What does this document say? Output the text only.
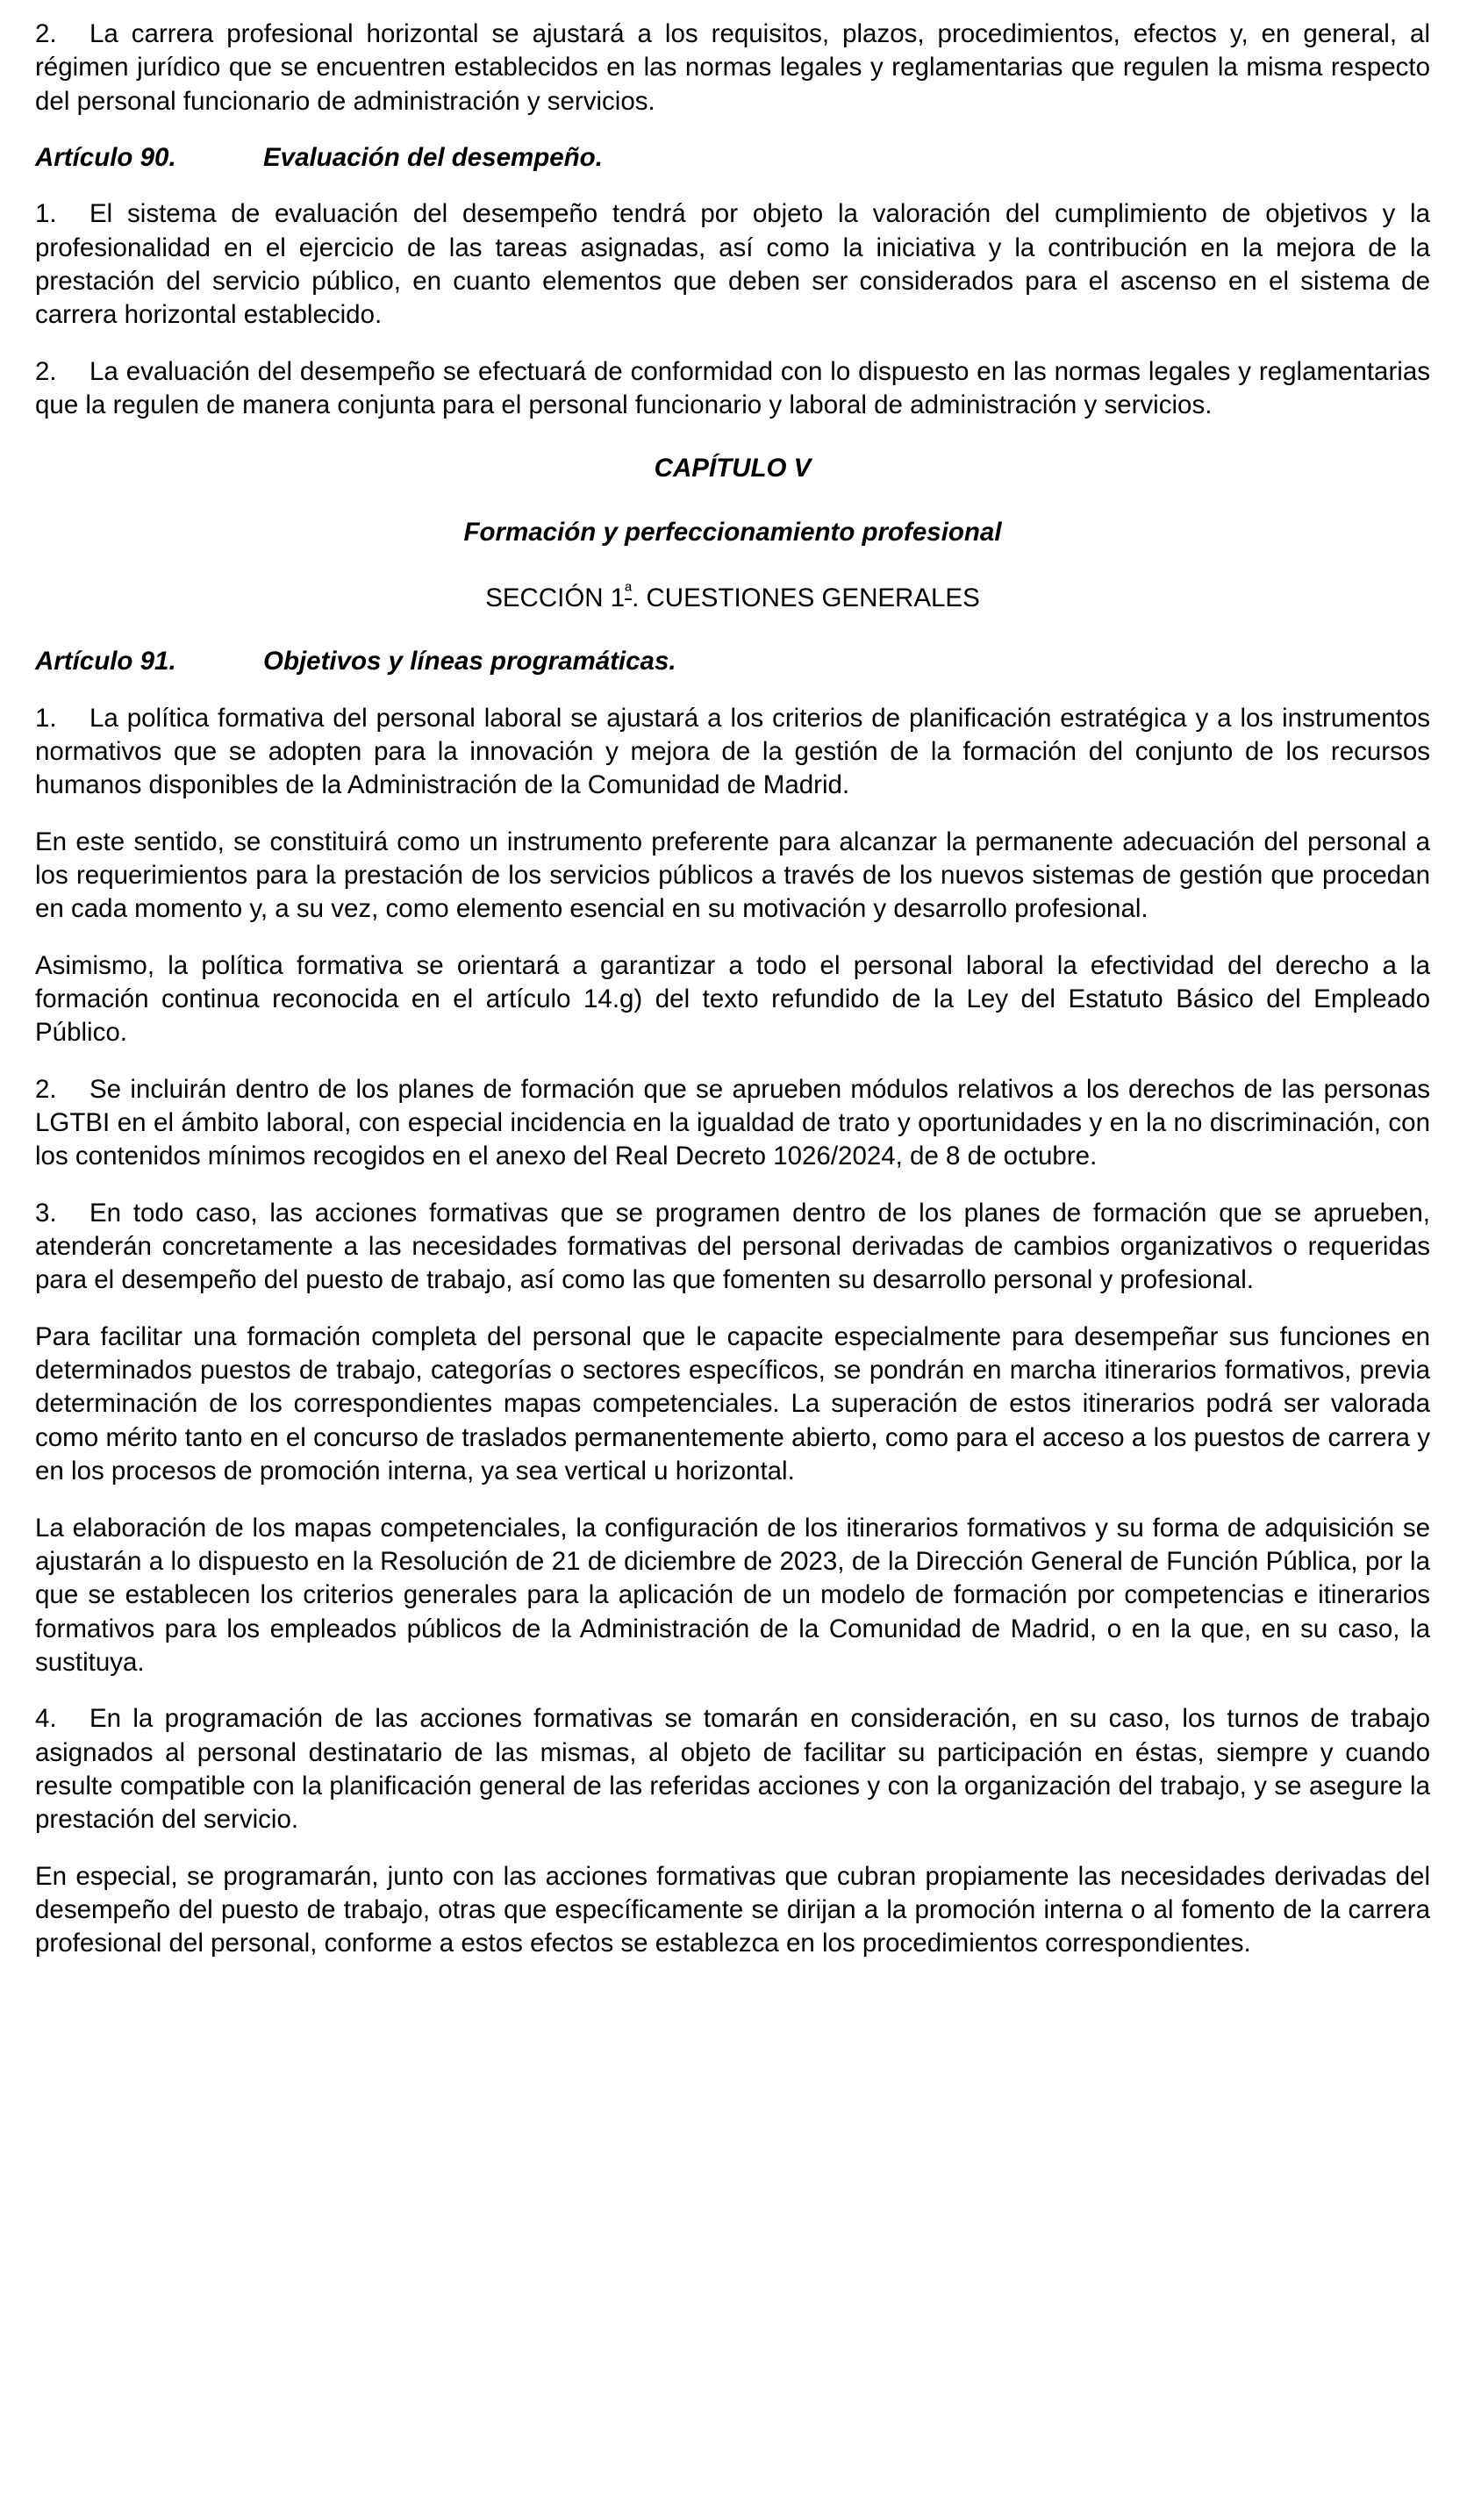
2. La carrera profesional horizontal se ajustará a los requisitos, plazos, procedimientos, efectos y, en general, al régimen jurídico que se encuentren establecidos en las normas legales y reglamentarias que regulen la misma respecto del personal funcionario de administración y servicios.

Artículo 90.	Evaluación del desempeño.

1. El sistema de evaluación del desempeño tendrá por objeto la valoración del cumplimiento de objetivos y la profesionalidad en el ejercicio de las tareas asignadas, así como la iniciativa y la contribución en la mejora de la prestación del servicio público, en cuanto elementos que deben ser considerados para el ascenso en el sistema de carrera horizontal establecido.

2. La evaluación del desempeño se efectuará de conformidad con lo dispuesto en las normas legales y reglamentarias que la regulen de manera conjunta para el personal funcionario y laboral de administración y servicios.

CAPÍTULO V
Formación y perfeccionamiento profesional
SECCIÓN $1^ª$. CUESTIONES GENERALES
Artículo 91.	Objetivos y líneas programáticas.

1. La política formativa del personal laboral se ajustará a los criterios de planificación estratégica y a los instrumentos normativos que se adopten para la innovación y mejora de la gestión de la formación del conjunto de los recursos humanos disponibles de la Administración de la Comunidad de Madrid.

En este sentido, se constituirá como un instrumento preferente para alcanzar la permanente adecuación del personal a los requerimientos para la prestación de los servicios públicos a través de los nuevos sistemas de gestión que procedan en cada momento y, a su vez, como elemento esencial en su motivación y desarrollo profesional.

Asimismo, la política formativa se orientará a garantizar a todo el personal laboral la efectividad del derecho a la formación continua reconocida en el artículo 14.g) del texto refundido de la Ley del Estatuto Básico del Empleado Público.

2. Se incluirán dentro de los planes de formación que se aprueben módulos relativos a los derechos de las personas LGTBI en el ámbito laboral, con especial incidencia en la igualdad de trato y oportunidades y en la no discriminación, con los contenidos mínimos recogidos en el anexo del Real Decreto 1026/2024, de 8 de octubre.

3. En todo caso, las acciones formativas que se programen dentro de los planes de formación que se aprueben, atenderán concretamente a las necesidades formativas del personal derivadas de cambios organizativos o requeridas para el desempeño del puesto de trabajo, así como las que fomenten su desarrollo personal y profesional.

Para facilitar una formación completa del personal que le capacite especialmente para desempeñar sus funciones en determinados puestos de trabajo, categorías o sectores específicos, se pondrán en marcha itinerarios formativos, previa determinación de los correspondientes mapas competenciales. La superación de estos itinerarios podrá ser valorada como mérito tanto en el concurso de traslados permanentemente abierto, como para el acceso a los puestos de carrera y en los procesos de promoción interna, ya sea vertical u horizontal.

La elaboración de los mapas competenciales, la configuración de los itinerarios formativos y su forma de adquisición se ajustarán a lo dispuesto en la Resolución de 21 de diciembre de 2023, de la Dirección General de Función Pública, por la que se establecen los criterios generales para la aplicación de un modelo de formación por competencias e itinerarios formativos para los empleados públicos de la Administración de la Comunidad de Madrid, o en la que, en su caso, la sustituya.

4. En la programación de las acciones formativas se tomarán en consideración, en su caso, los turnos de trabajo asignados al personal destinatario de las mismas, al objeto de facilitar su participación en éstas, siempre y cuando resulte compatible con la planificación general de las referidas acciones y con la organización del trabajo, y se asegure la prestación del servicio.

En especial, se programarán, junto con las acciones formativas que cubran propiamente las necesidades derivadas del desempeño del puesto de trabajo, otras que específicamente se dirijan a la promoción interna o al fomento de la carrera profesional del personal, conforme a estos efectos se establezca en los procedimientos correspondientes.
